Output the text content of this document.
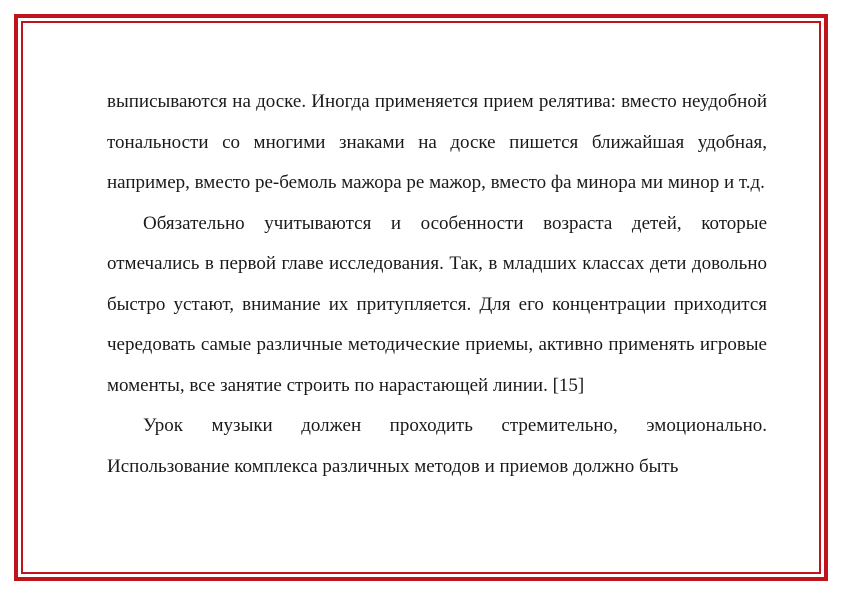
выписываются на доске. Иногда применяется прием релятива: вместо неудобной тональности со многими знаками на доске пишется ближайшая удобная, например, вместо ре-бемоль мажора ре мажор, вместо фа минора ми минор и т.д.

Обязательно учитываются и особенности возраста детей, которые отмечались в первой главе исследования. Так, в младших классах дети довольно быстро устают, внимание их притупляется. Для его концентрации приходится чередовать самые различные методические приемы, активно применять игровые моменты, все занятие строить по нарастающей линии. [15]

Урок музыки должен проходить стремительно, эмоционально. Использование комплекса различных методов и приемов должно быть
